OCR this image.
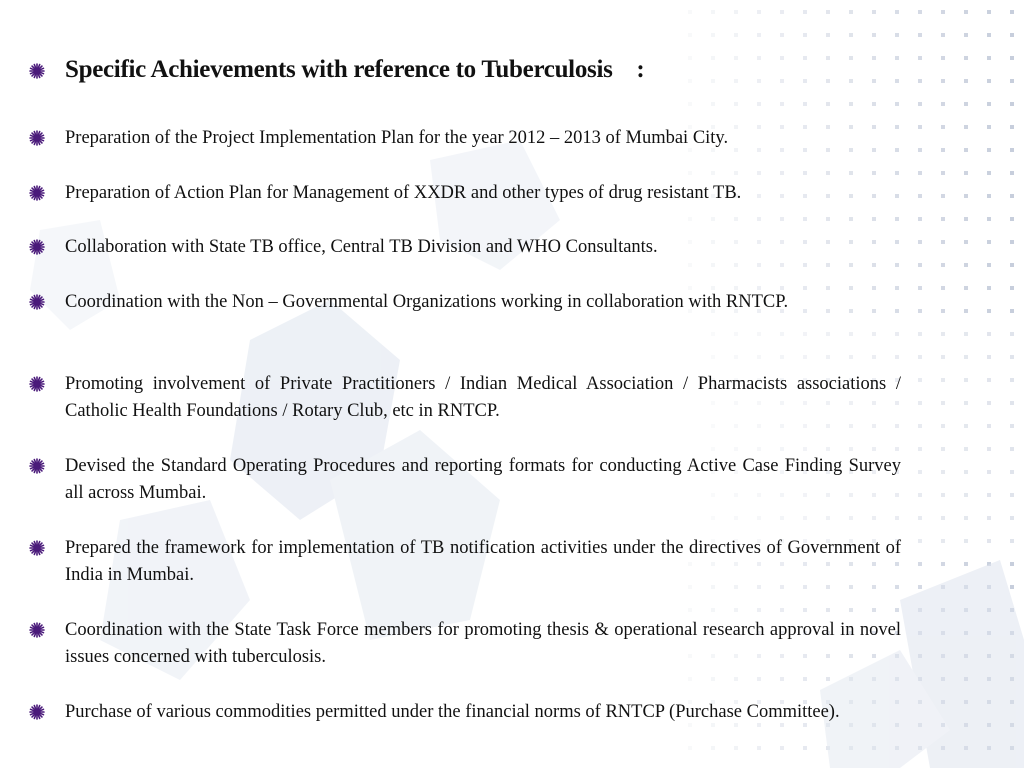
Specific Achievements with reference to Tuberculosis    :
Preparation of the Project Implementation Plan for the year 2012 – 2013 of Mumbai City.
Preparation of Action Plan for Management of XXDR and other types of drug resistant TB.
Collaboration with State TB office, Central TB Division and WHO Consultants.
Coordination with the Non – Governmental Organizations working in collaboration with RNTCP.
Promoting involvement of Private Practitioners / Indian Medical Association / Pharmacists associations / Catholic Health Foundations / Rotary Club, etc in RNTCP.
Devised the Standard Operating Procedures and reporting formats for conducting Active Case Finding Survey all across Mumbai.
Prepared the framework for implementation of TB notification activities under the directives of Government of India in Mumbai.
Coordination with the State Task Force members for promoting thesis & operational research approval in novel issues concerned with tuberculosis.
Purchase of various commodities permitted under the financial norms of RNTCP (Purchase Committee).
